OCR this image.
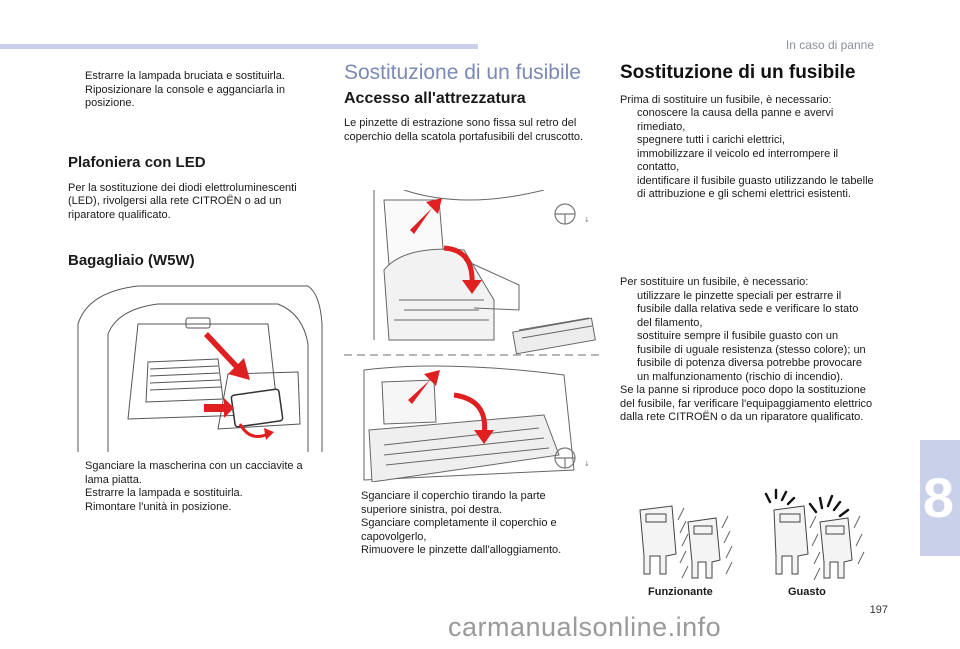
In caso di panne
Estrarre la lampada bruciata e sostituirla.
Riposizionare la console e agganciarla in posizione.
Plafoniera con LED

Per la sostituzione dei diodi elettroluminescenti (LED), rivolgersi alla rete CITROËN o ad un riparatore qualificato.

Bagagliaio (W5W)
Sganciare la mascherina con un cacciavite a lama piatta.
Estrarre la lampada e sostituirla.
Rimontare l'unità in posizione.
Sostituzione di un fusibile
Accesso all'attrezzatura

Le pinzette di estrazione sono fissa sul retro del coperchio della scatola portafusibili del cruscotto.

↓
↓
Sganciare il coperchio tirando la parte superiore sinistra, poi destra.
Sganciare completamente il coperchio e capovolgerlo,
Rimuovere le pinzette dall'alloggiamento.
Sostituzione di un fusibile

Prima di sostituire un fusibile, è necessario:

conoscere la causa della panne e avervi rimediato,
spegnere tutti i carichi elettrici,
immobilizzare il veicolo ed interrompere il contatto,
identificare il fusibile guasto utilizzando le tabelle di attribuzione e gli schemi elettrici esistenti.

Per sostituire un fusibile, è necessario:

utilizzare le pinzette speciali per estrarre il fusibile dalla relativa sede e verificare lo stato del filamento,
sostituire sempre il fusibile guasto con un fusibile di uguale resistenza (stesso colore); un fusibile di potenza diversa potrebbe provocare un malfunzionamento (rischio di incendio).

Se la panne si riproduce poco dopo la sostituzione del fusibile, far verificare l'equipaggiamento elettrico dalla rete CITROËN o da un riparatore qualificato.

Funzionante	Guasto
8
197
carmanualsonline.info
